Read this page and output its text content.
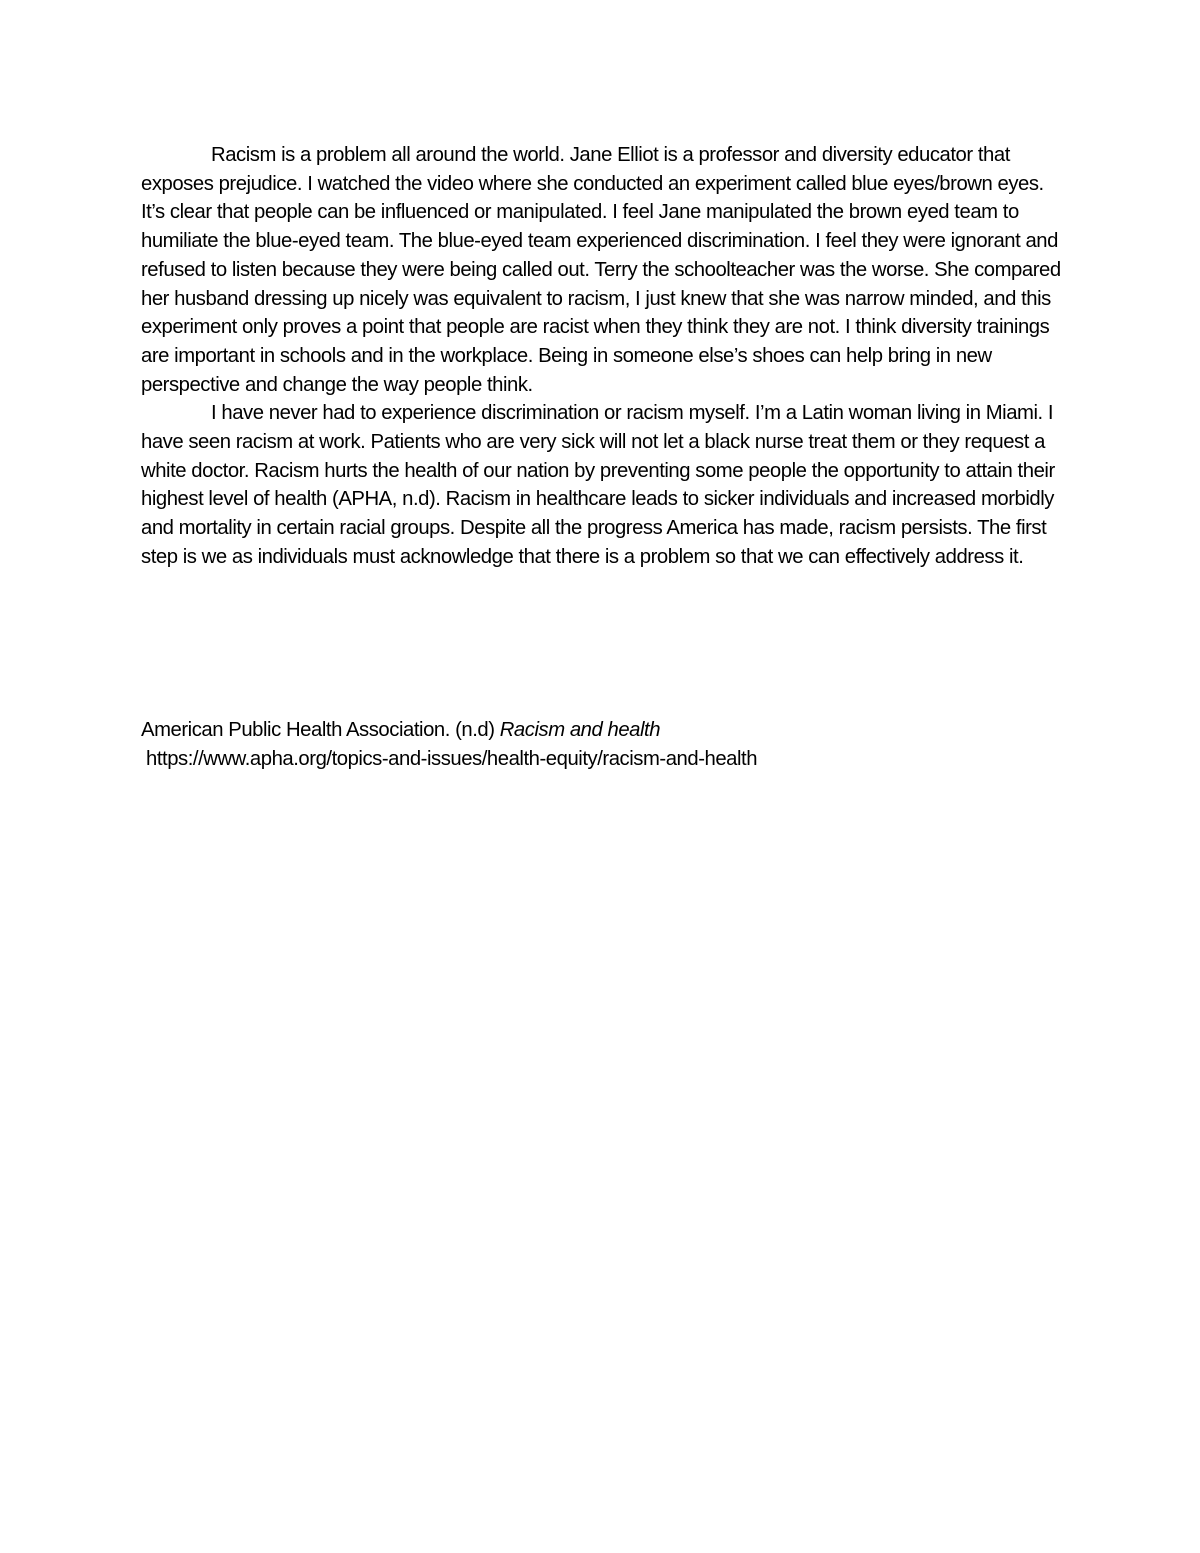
Racism is a problem all around the world. Jane Elliot is a professor and diversity educator that exposes prejudice. I watched the video where she conducted an experiment called blue eyes/brown eyes. It’s clear that people can be influenced or manipulated. I feel Jane manipulated the brown eyed team to humiliate the blue-eyed team. The blue-eyed team experienced discrimination. I feel they were ignorant and refused to listen because they were being called out. Terry the schoolteacher was the worse. She compared her husband dressing up nicely was equivalent to racism, I just knew that she was narrow minded, and this experiment only proves a point that people are racist when they think they are not. I think diversity trainings are important in schools and in the workplace. Being in someone else’s shoes can help bring in new perspective and change the way people think.

I have never had to experience discrimination or racism myself. I’m a Latin woman living in Miami. I have seen racism at work. Patients who are very sick will not let a black nurse treat them or they request a white doctor. Racism hurts the health of our nation by preventing some people the opportunity to attain their highest level of health (APHA, n.d). Racism in healthcare leads to sicker individuals and increased morbidly and mortality in certain racial groups. Despite all the progress America has made, racism persists. The first step is we as individuals must acknowledge that there is a problem so that we can effectively address it.

American Public Health Association. (n.d) Racism and health

https://www.apha.org/topics-and-issues/health-equity/racism-and-health
